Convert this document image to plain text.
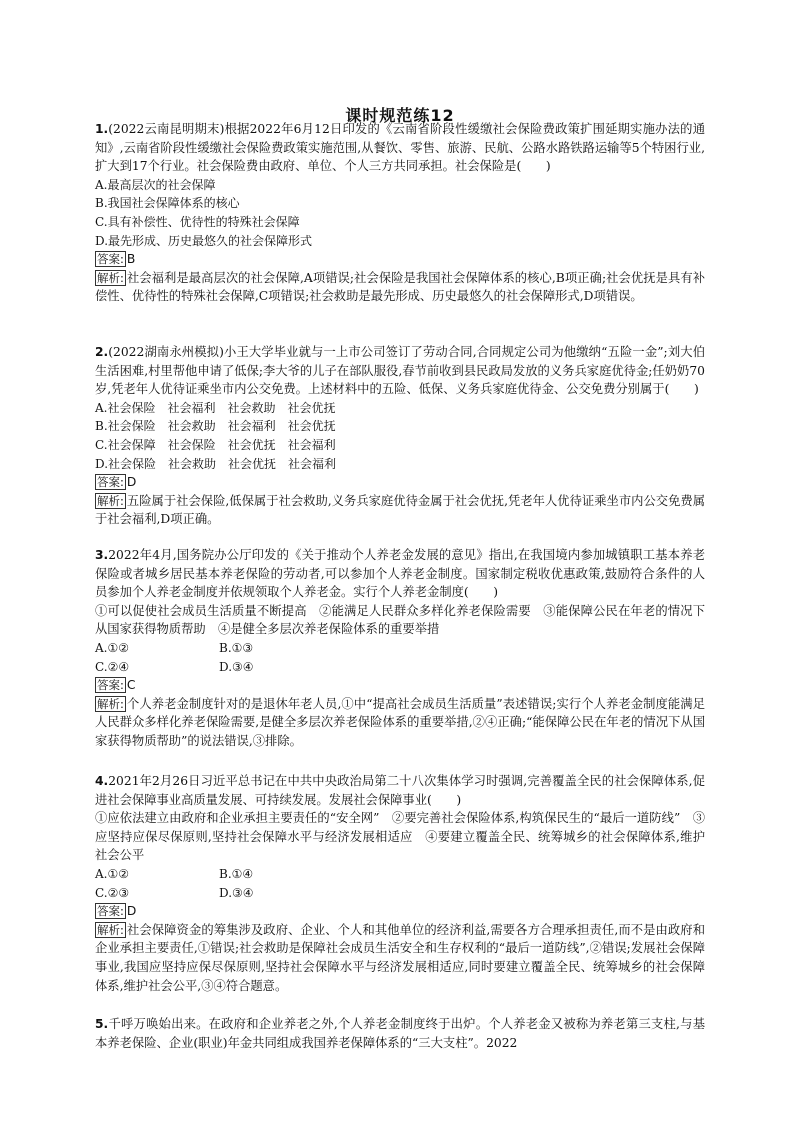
课时规范练12
1.(2022云南昆明期末)根据2022年6月12日印发的《云南省阶段性缓缴社会保险费政策扩围延期实施办法的通知》,云南省阶段性缓缴社会保险费政策实施范围,从餐饮、零售、旅游、民航、公路水路铁路运输等5个特困行业,扩大到17个行业。社会保险费由政府、单位、个人三方共同承担。社会保险是(　　)
A.最高层次的社会保障
B.我国社会保障体系的核心
C.具有补偿性、优待性的特殊社会保障
D.最先形成、历史最悠久的社会保障形式
答案: B
解析: 社会福利是最高层次的社会保障,A项错误;社会保险是我国社会保障体系的核心,B项正确;社会优抚是具有补偿性、优待性的特殊社会保障,C项错误;社会救助是最先形成、历史最悠久的社会保障形式,D项错误。
2.(2022湖南永州模拟)小王大学毕业就与一上市公司签订了劳动合同,合同规定公司为他缴纳“五险一金”;刘大伯生活困难,村里帮他申请了低保;李大爷的儿子在部队服役,春节前收到县民政局发放的义务兵家庭优待金;任奶奶70岁,凭老年人优待证乘坐市内公交免费。上述材料中的五险、低保、义务兵家庭优待金、公交免费分别属于(　　)
A.社会保险　社会福利　社会救助　社会优抚
B.社会保险　社会救助　社会福利　社会优抚
C.社会保障　社会保险　社会优抚　社会福利
D.社会保险　社会救助　社会优抚　社会福利
答案: D
解析: 五险属于社会保险,低保属于社会救助,义务兵家庭优待金属于社会优抚,凭老年人优待证乘坐市内公交免费属于社会福利,D项正确。
3.2022年4月,国务院办公厅印发的《关于推动个人养老金发展的意见》指出,在我国境内参加城镇职工基本养老保险或者城乡居民基本养老保险的劳动者,可以参加个人养老金制度。国家制定税收优惠政策,鼓励符合条件的人员参加个人养老金制度并依规领取个人养老金。实行个人养老金制度(　　)
①可以促使社会成员生活质量不断提高　②能满足人民群众多样化养老保险需要　③能保障公民在年老的情况下从国家获得物质帮助　④是健全多层次养老保险体系的重要举措
A.①②	B.①③
C.②④	D.③④
答案: C
解析: 个人养老金制度针对的是退休年老人员,①中“提高社会成员生活质量”表述错误;实行个人养老金制度能满足人民群众多样化养老保险需要,是健全多层次养老保险体系的重要举措,②④正确;“能保障公民在年老的情况下从国家获得物质帮助”的说法错误,③排除。
4.2021年2月26日习近平总书记在中共中央政治局第二十八次集体学习时强调,完善覆盖全民的社会保障体系,促进社会保障事业高质量发展、可持续发展。发展社会保障事业(　　)
①应依法建立由政府和企业承担主要责任的“安全网”　②要完善社会保险体系,构筑保民生的“最后一道防线”　③应坚持应保尽保原则,坚持社会保障水平与经济发展相适应　④要建立覆盖全民、统筹城乡的社会保障体系,维护社会公平
A.①②	B.①④
C.②③	D.③④
答案: D
解析: 社会保障资金的筹集涉及政府、企业、个人和其他单位的经济利益,需要各方合理承担责任,而不是由政府和企业承担主要责任,①错误;社会救助是保障社会成员生活安全和生存权利的“最后一道防线”,②错误;发展社会保障事业,我国应坚持应保尽保原则,坚持社会保障水平与经济发展相适应,同时要建立覆盖全民、统筹城乡的社会保障体系,维护社会公平,③④符合题意。
5.千呼万唤始出来。在政府和企业养老之外,个人养老金制度终于出炉。个人养老金又被称为养老第三支柱,与基本养老保险、企业(职业)年金共同组成我国养老保障体系的“三大支柱”。2022
